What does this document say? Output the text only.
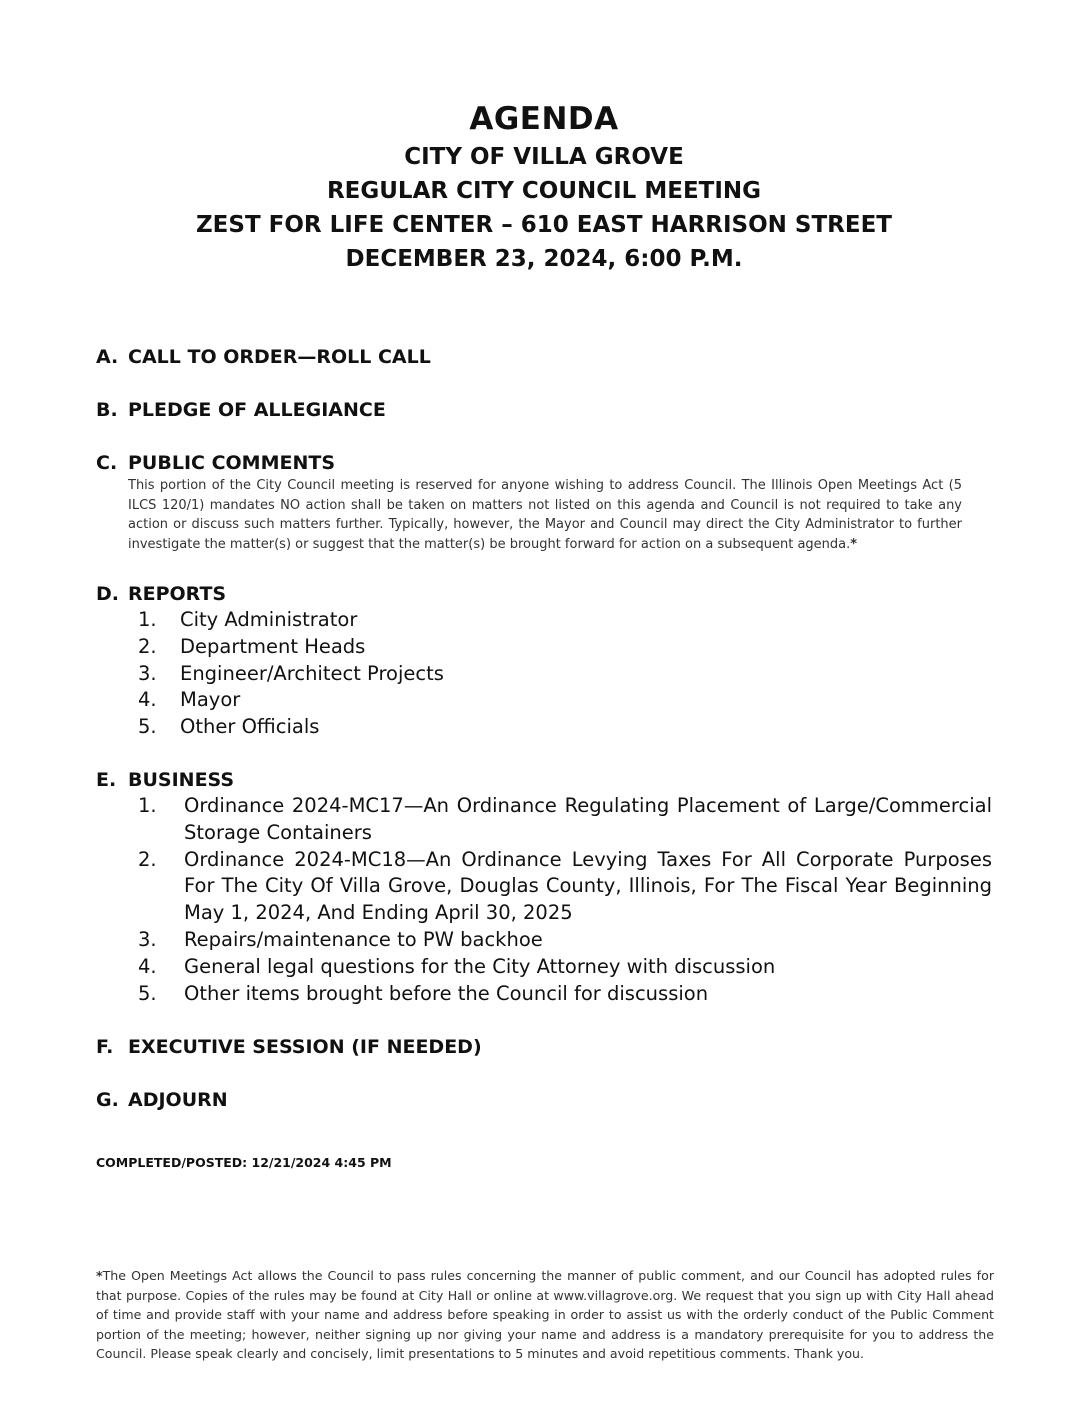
AGENDA
CITY OF VILLA GROVE
REGULAR CITY COUNCIL MEETING
ZEST FOR LIFE CENTER – 610 EAST HARRISON STREET
DECEMBER 23, 2024, 6:00 P.M.
A. CALL TO ORDER—ROLL CALL
B. PLEDGE OF ALLEGIANCE
C. PUBLIC COMMENTS
This portion of the City Council meeting is reserved for anyone wishing to address Council. The Illinois Open Meetings Act (5 ILCS 120/1) mandates NO action shall be taken on matters not listed on this agenda and Council is not required to take any action or discuss such matters further. Typically, however, the Mayor and Council may direct the City Administrator to further investigate the matter(s) or suggest that the matter(s) be brought forward for action on a subsequent agenda.*
D. REPORTS
1.	City Administrator
2.	Department Heads
3.	Engineer/Architect Projects
4.	Mayor
5.	Other Officials
E. BUSINESS
1.	Ordinance 2024-MC17—An Ordinance Regulating Placement of Large/Commercial Storage Containers
2.	Ordinance 2024-MC18—An Ordinance Levying Taxes For All Corporate Purposes For The City Of Villa Grove, Douglas County, Illinois, For The Fiscal Year Beginning May 1, 2024, And Ending April 30, 2025
3.	Repairs/maintenance to PW backhoe
4.	General legal questions for the City Attorney with discussion
5.	Other items brought before the Council for discussion
F. EXECUTIVE SESSION (IF NEEDED)
G. ADJOURN
COMPLETED/POSTED: 12/21/2024 4:45 PM
*The Open Meetings Act allows the Council to pass rules concerning the manner of public comment, and our Council has adopted rules for that purpose. Copies of the rules may be found at City Hall or online at www.villagrove.org. We request that you sign up with City Hall ahead of time and provide staff with your name and address before speaking in order to assist us with the orderly conduct of the Public Comment portion of the meeting; however, neither signing up nor giving your name and address is a mandatory prerequisite for you to address the Council. Please speak clearly and concisely, limit presentations to 5 minutes and avoid repetitious comments. Thank you.
